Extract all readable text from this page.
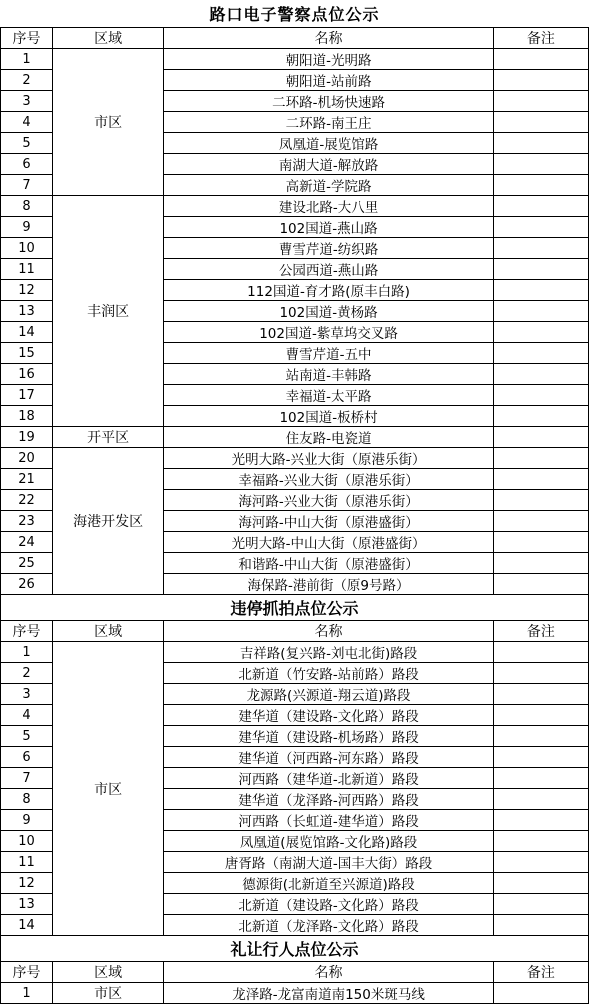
路口电子警察点位公示			
序号	区域	名称	备注
1	市区	朝阳道-光明路	
2		朝阳道-站前路	
3		二环路-机场快速路	
4		二环路-南王庄	
5		凤凰道-展览馆路	
6		南湖大道-解放路	
7		高新道-学院路	
8	丰润区	建设北路-大八里	
9		102国道-燕山路	
10		曹雪芹道-纺织路	
11		公园西道-燕山路	
12		112国道-育才路(原丰白路)	
13		102国道-黄杨路	
14		102国道-紫草坞交叉路	
15		曹雪芹道-五中	
16		站南道-丰韩路	
17		幸福道-太平路	
18		102国道-板桥村	
19	开平区	住友路-电瓷道	
20	海港开发区	光明大路-兴业大街（原港乐街）	
21		幸福路-兴业大街（原港乐街）	
22		海河路-兴业大街（原港乐街）	
23		海河路-中山大街（原港盛街）	
24		光明大路-中山大街（原港盛街）	
25		和谐路-中山大街（原港盛街）	
26		海保路-港前街（原9号路）	
违停抓拍点位公示			
序号	区域	名称	备注
1	市区	吉祥路(复兴路-刘屯北街)路段	
2		北新道（竹安路-站前路）路段	
3		龙源路(兴源道-翔云道)路段	
4		建华道（建设路-文化路）路段	
5		建华道（建设路-机场路）路段	
6		建华道（河西路-河东路）路段	
7		河西路（建华道-北新道）路段	
8		建华道（龙泽路-河西路）路段	
9		河西路（长虹道-建华道）路段	
10		凤凰道(展览馆路-文化路)路段	
11		唐胥路（南湖大道-国丰大街）路段	
12		德源街(北新道至兴源道)路段	
13		北新道（建设路-文化路）路段	
14		北新道（龙泽路-文化路）路段	
礼让行人点位公示			
序号	区域	名称	备注
1	市区	龙泽路-龙富南道南150米斑马线	
